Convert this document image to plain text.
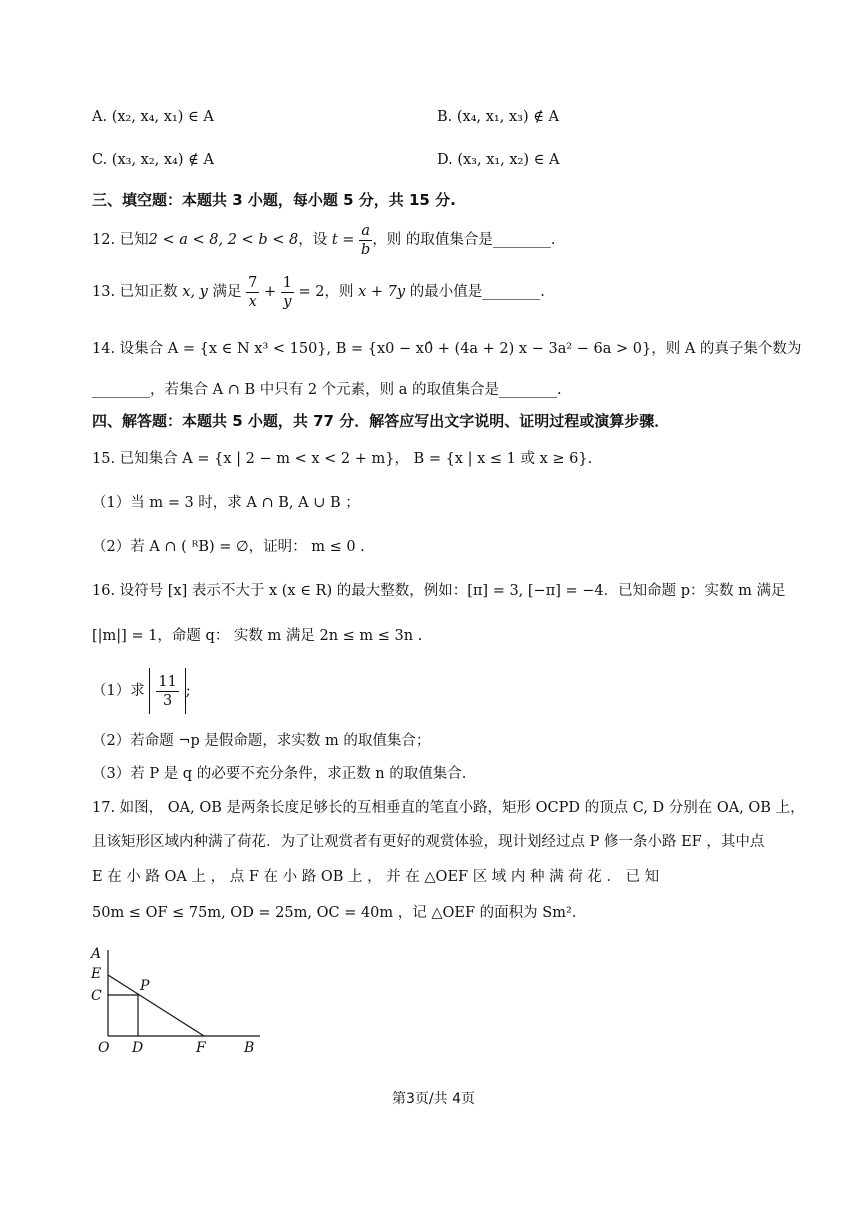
A. (x₂, x₄, x₁) ∈ A	B. (x₄, x₁, x₃) ∉ A
C. (x₃, x₂, x₄) ∉ A	D. (x₃, x₁, x₂) ∈ A
三、填空题：本题共 3 小题，每小题 5 分，共 15 分.
12. 已知2 < a < 8, 2 < b < 8，设 $t = \frac{a}{b}$ ，则 的取值集合是________.
13. 已知正数 x, y 满足 $\frac{7}{x} + \frac{1}{y} = 2$，则 x + 7y 的最小值是________.
14. 设集合 A = {x ∈ N x³ < 150}, B = {x0 − x0̂ + (4a + 2) x − 3a² − 6a > 0}，则 A 的真子集个数为
________，若集合 A ∩ B 中只有 2 个元素，则 a 的取值集合是________.
四、解答题：本题共 5 小题，共 77 分．解答应写出文字说明、证明过程或演算步骤．
15. 已知集合 A = {x | 2 − m < x < 2 + m}， B = {x | x ≤ 1 或 x ≥ 6}.
（1）当 m = 3 时，求 A ∩ B, A ∪ B ；
（2）若 A ∩ ( ᴿB) = ∅，证明： m ≤ 0 .
16. 设符号 [x] 表示不大于 x (x ∈ R) 的最大整数，例如：[π] = 3, [−π] = −4．已知命题 p：实数 m 满足
[|m|] = 1，命题 q： 实数 m 满足 2n ≤ m ≤ 3n .
（1）求 $\frac{11}{3}$ ;
（2）若命题 ¬p 是假命题，求实数 m 的取值集合；
（3）若 P 是 q 的必要不充分条件，求正数 n 的取值集合.
17. 如图， OA, OB 是两条长度足够长的互相垂直的笔直小路，矩形 OCPD 的顶点 C, D 分别在 OA, OB 上，
且该矩形区域内种满了荷花．为了让观赏者有更好的观赏体验，现计划经过点 P 修一条小路 EF ，其中点
E 在 小 路 OA 上 ， 点 F 在 小 路 OB 上 ， 并 在 △OEF 区 域 内 种 满 荷 花 ． 已 知
50m ≤ OF ≤ 75m, OD = 25m, OC = 40m ，记 △OEF 的面积为 Sm².
A
E
C
P
O D	F	B
第3页/共 4页
